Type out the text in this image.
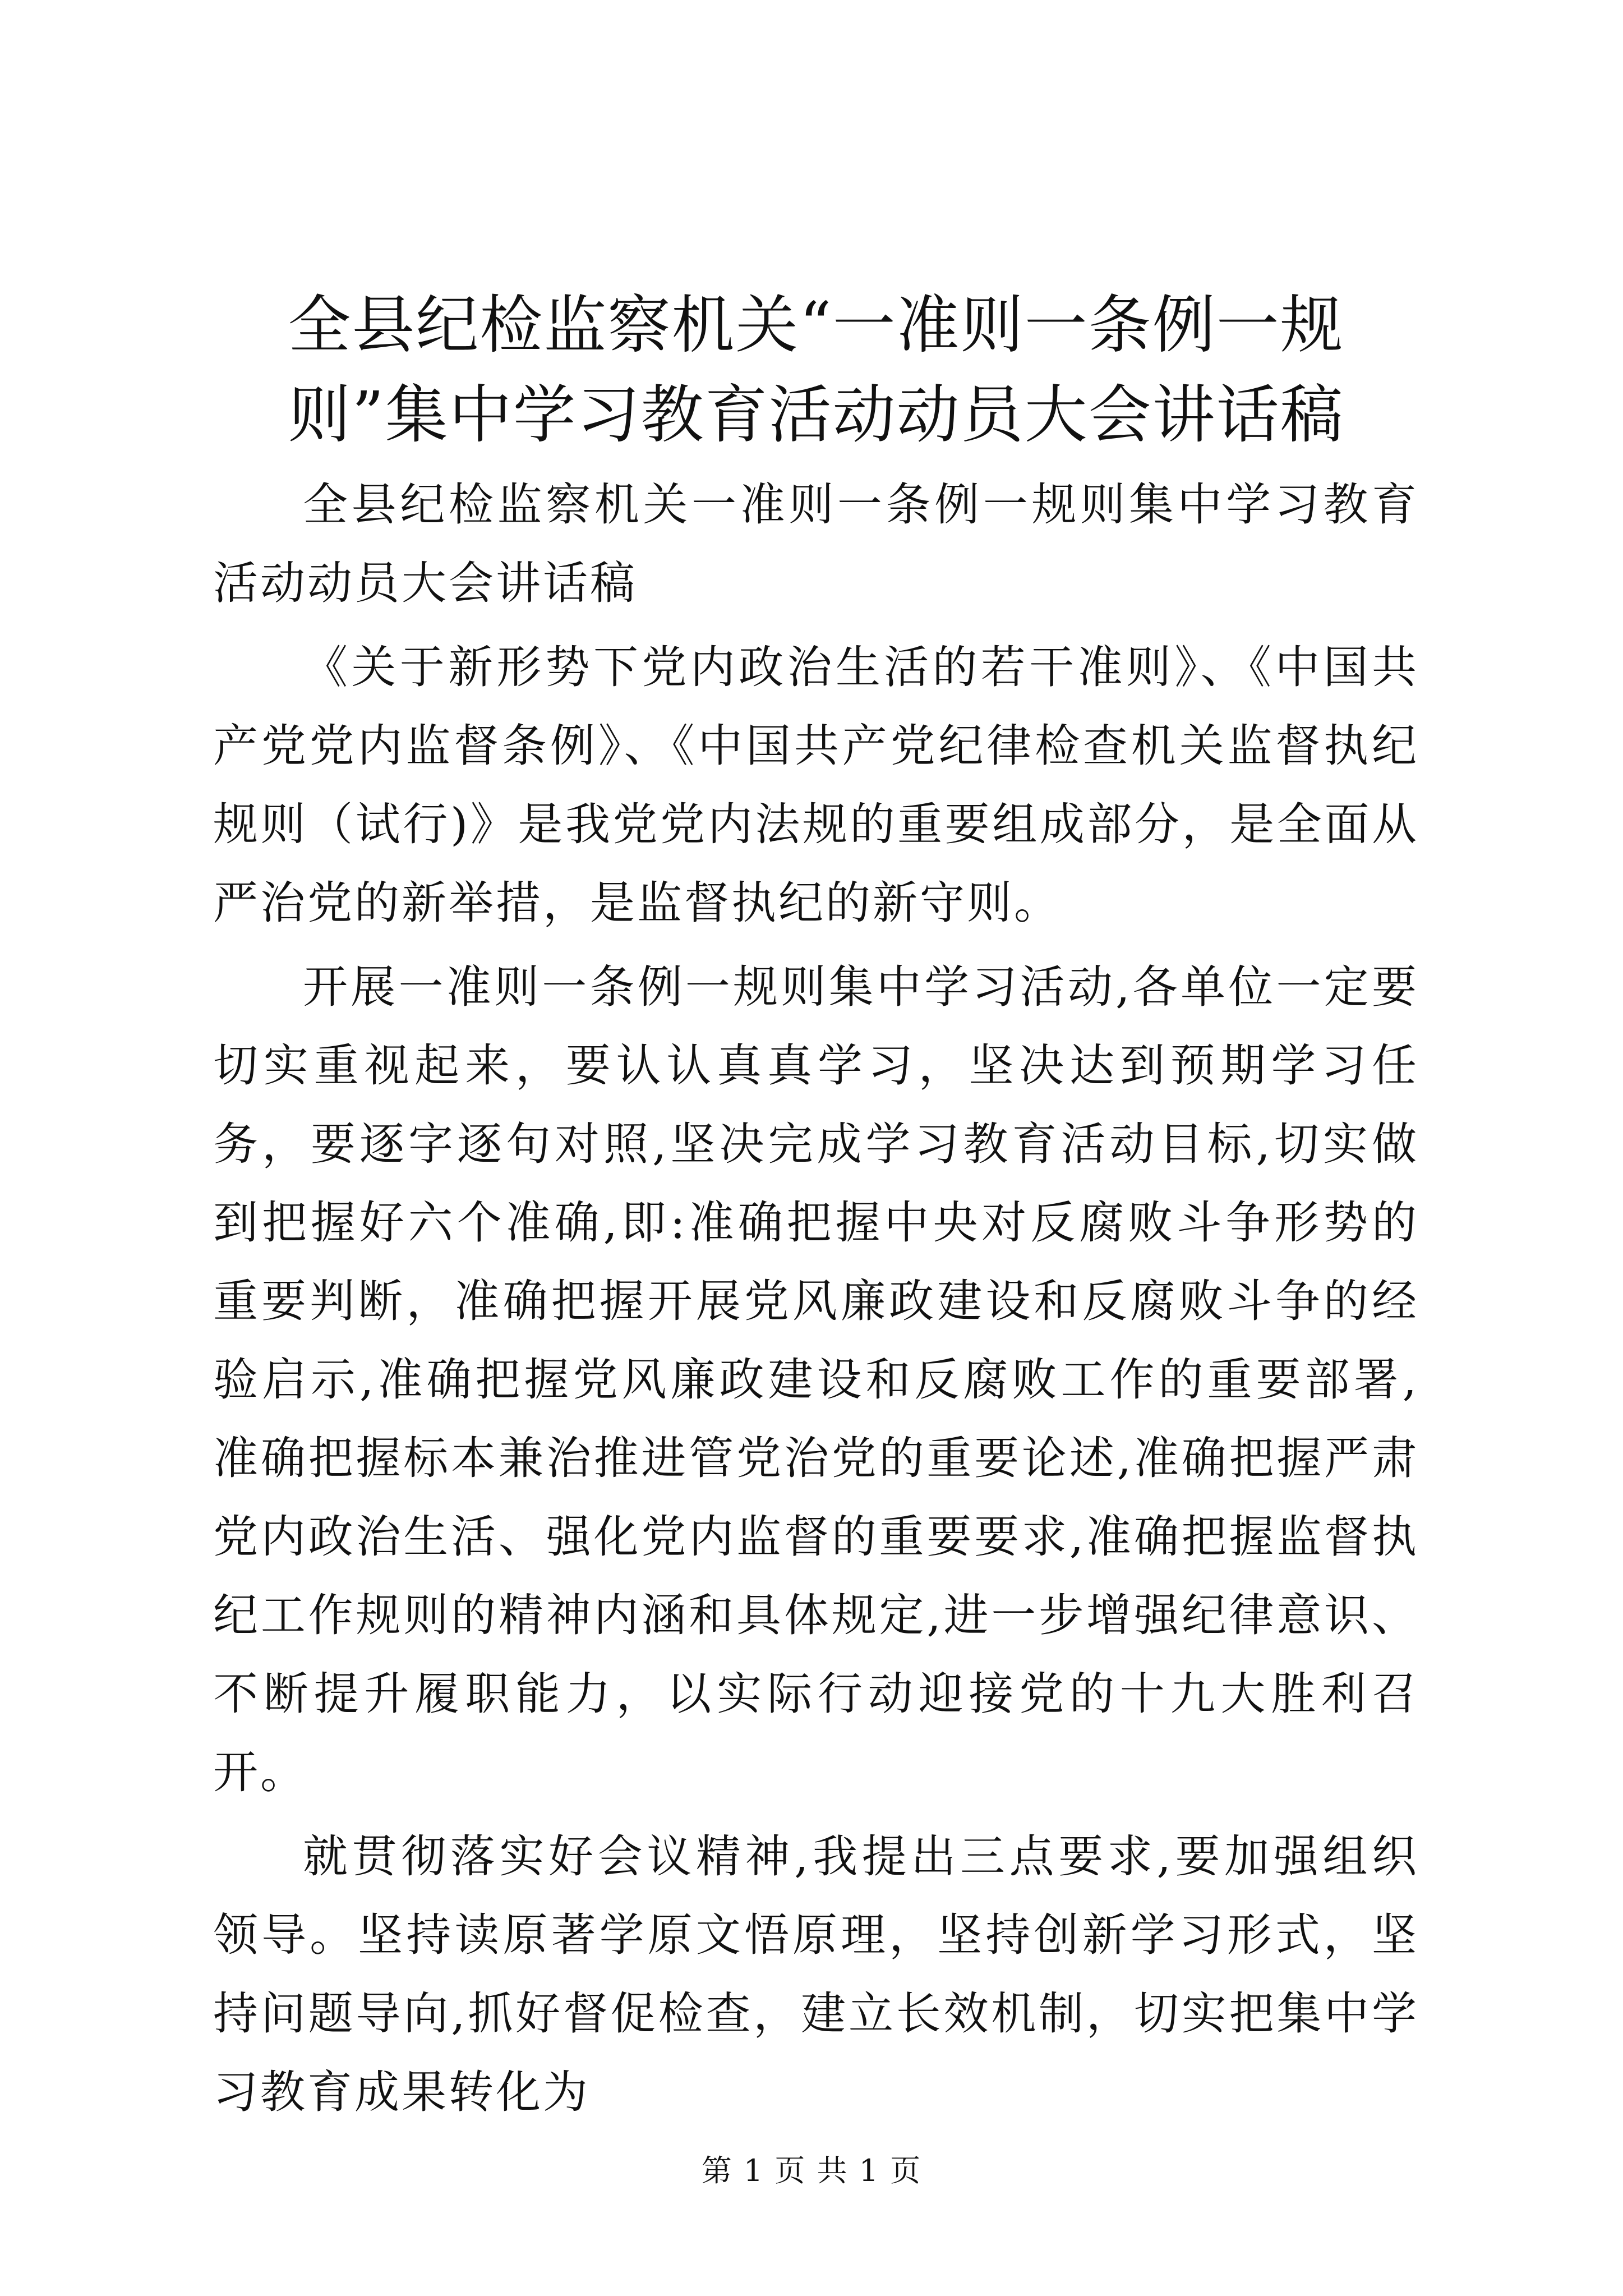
全县纪检监察机关“一准则一条例一规则”集中学习教育活动动员大会讲话稿

全县纪检监察机关一准则一条例一规则集中学习教育活动动员大会讲话稿

《关于新形势下党内政治生活的若干准则》、《中国共产党党内监督条例》、《中国共产党纪律检查机关监督执纪规则（试行)》是我党党内法规的重要组成部分，是全面从严治党的新举措，是监督执纪的新守则。

开展一准则一条例一规则集中学习活动,各单位一定要切实重视起来，要认认真真学习，坚决达到预期学习任务，要逐字逐句对照,坚决完成学习教育活动目标,切实做到把握好六个准确,即:准确把握中央对反腐败斗争形势的重要判断，准确把握开展党风廉政建设和反腐败斗争的经验启示,准确把握党风廉政建设和反腐败工作的重要部署,准确把握标本兼治推进管党治党的重要论述,准确把握严肃党内政治生活、强化党内监督的重要要求,准确把握监督执纪工作规则的精神内涵和具体规定,进一步增强纪律意识、不断提升履职能力，以实际行动迎接党的十九大胜利召开。

就贯彻落实好会议精神,我提出三点要求,要加强组织领导。坚持读原著学原文悟原理，坚持创新学习形式，坚持问题导向,抓好督促检查，建立长效机制，切实把集中学习教育成果转化为

第 1 页 共 1 页
